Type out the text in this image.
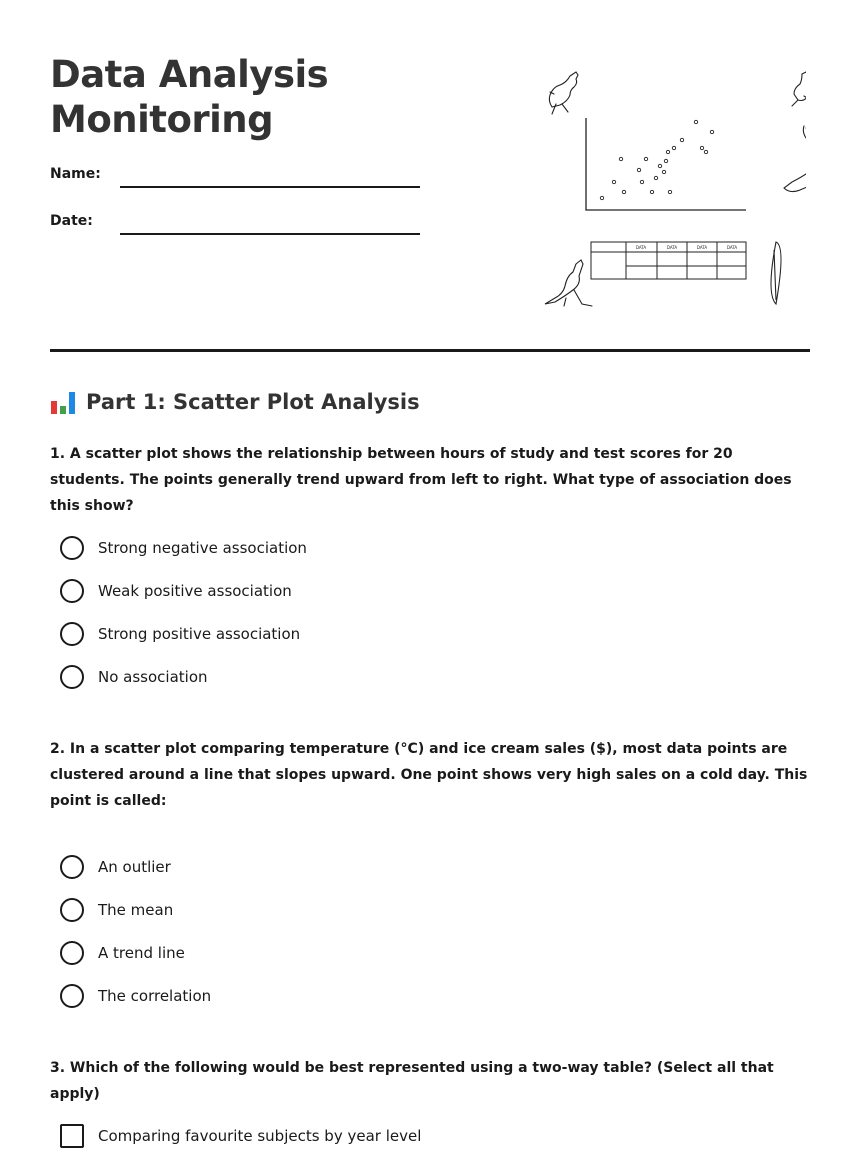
Data Analysis
Monitoring
Name:
Date:
DATA	DATA	DATA	DATA
Part 1: Scatter Plot Analysis

1. A scatter plot shows the relationship between hours of study and test scores for 20 students. The points generally trend upward from left to right. What type of association does this show?

Strong negative association
Weak positive association
Strong positive association
No association

2. In a scatter plot comparing temperature (°C) and ice cream sales ($), most data points are clustered around a line that slopes upward. One point shows very high sales on a cold day. This point is called:

An outlier
The mean
A trend line
The correlation

3. Which of the following would be best represented using a two-way table? (Select all that apply)

Comparing favourite subjects by year level
